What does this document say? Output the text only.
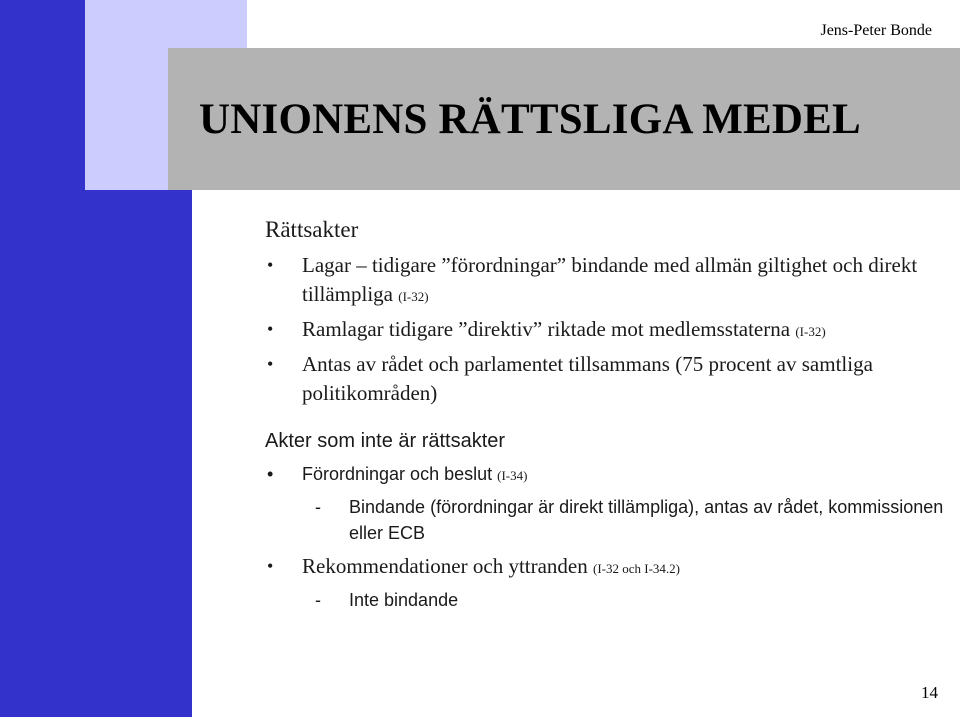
Jens-Peter Bonde
UNIONENS RÄTTSLIGA MEDEL
Rättsakter
• Lagar – tidigare ”förordningar” bindande med allmän giltighet och direkt tillämpliga (I-32)
• Ramlagar tidigare ”direktiv” riktade mot medlemsstaterna (I-32)
• Antas av rådet och parlamentet tillsammans (75 procent av samtliga politikområden)
Akter som inte är rättsakter
• Förordningar och beslut (I-34)
- Bindande (förordningar är direkt tillämpliga), antas av rådet, kommissionen eller ECB
• Rekommendationer och yttranden (I-32 och I-34.2)
- Inte bindande
14
